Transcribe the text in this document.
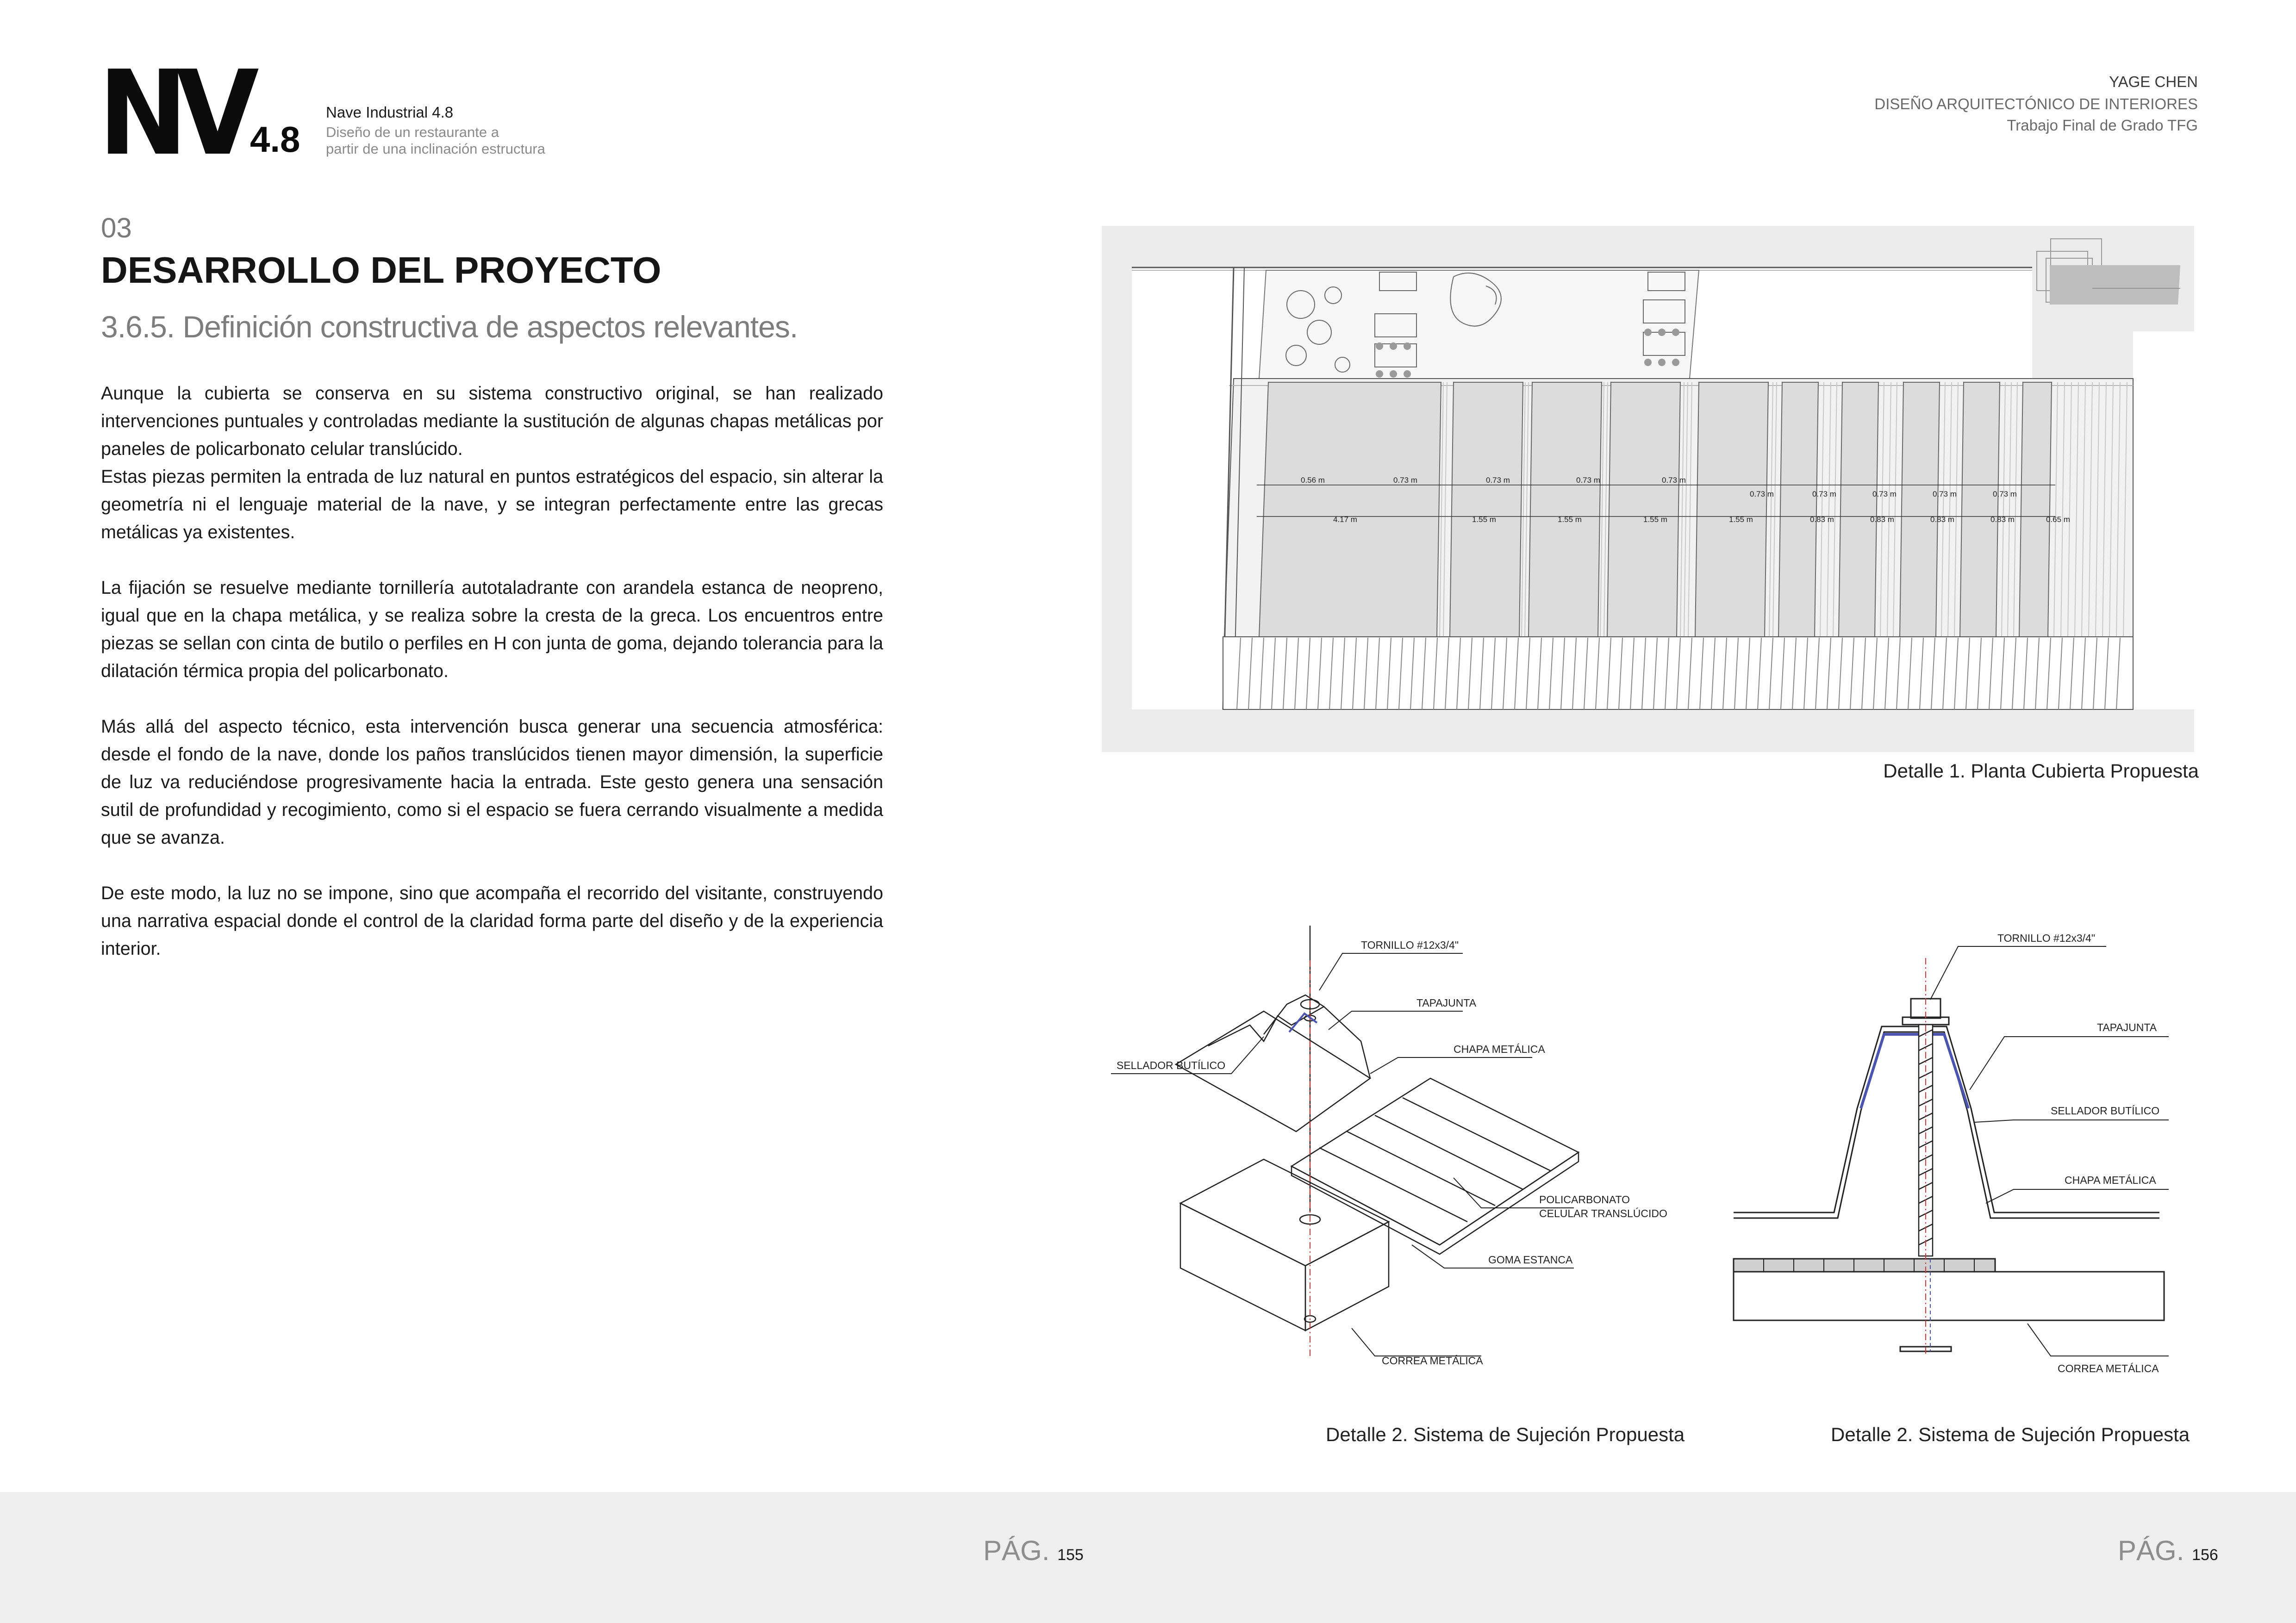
NV 4.8
Nave Industrial 4.8
Diseño de un restaurante a
partir de una inclinación estructura
YAGE CHEN
DISEÑO ARQUITECTÓNICO DE INTERIORES
Trabajo Final de Grado TFG
03
DESARROLLO DEL PROYECTO
3.6.5. Definición constructiva de aspectos relevantes.

Aunque la cubierta se conserva en su sistema constructivo original, se han realizado intervenciones puntuales y controladas mediante la sustitución de algunas chapas metálicas por paneles de policarbonato celular translúcido.

Estas piezas permiten la entrada de luz natural en puntos estratégicos del espacio, sin alterar la geometría ni el lenguaje material de la nave, y se integran perfectamente entre las grecas metálicas ya existentes.

La fijación se resuelve mediante tornillería autotaladrante con arandela estanca de neopreno, igual que en la chapa metálica, y se realiza sobre la cresta de la greca. Los encuentros entre piezas se sellan con cinta de butilo o perfiles en H con junta de goma, dejando tolerancia para la dilatación térmica propia del policarbonato.

Más allá del aspecto técnico, esta intervención busca generar una secuencia atmosférica: desde el fondo de la nave, donde los paños translúcidos tienen mayor dimensión, la superficie de luz va reduciéndose progresivamente hacia la entrada. Este gesto genera una sensación sutil de profundidad y recogimiento, como si el espacio se fuera cerrando visualmente a medida que se avanza.

De este modo, la luz no se impone, sino que acompaña el recorrido del visitante, construyendo una narrativa espacial donde el control de la claridad forma parte del diseño y de la experiencia interior.

0.56 m	0.73 m	0.73 m	0.73 m	0.73 m
0.73 m	0.73 m	0.73 m	0.73 m	0.73 m
4.17 m	1.55 m	1.55 m	1.55 m	1.55 m	0.83 m	0.83 m	0.83 m	0.83 m	0.65 m
Detalle 1. Planta Cubierta Propuesta
TORNILLO #12x3/4"
TAPAJUNTA
CHAPA METÁLICA
SELLADOR BUTÍLICO
POLICARBONATO
CELULAR TRANSLÚCIDO
GOMA ESTANCA
CORREA METÁLICA
Detalle 2. Sistema de Sujeción Propuesta
TORNILLO #12x3/4"
TAPAJUNTA
SELLADOR BUTÍLICO
CHAPA METÁLICA
CORREA METÁLICA
Detalle 2. Sistema de Sujeción Propuesta
PÁG. 155	PÁG. 156
